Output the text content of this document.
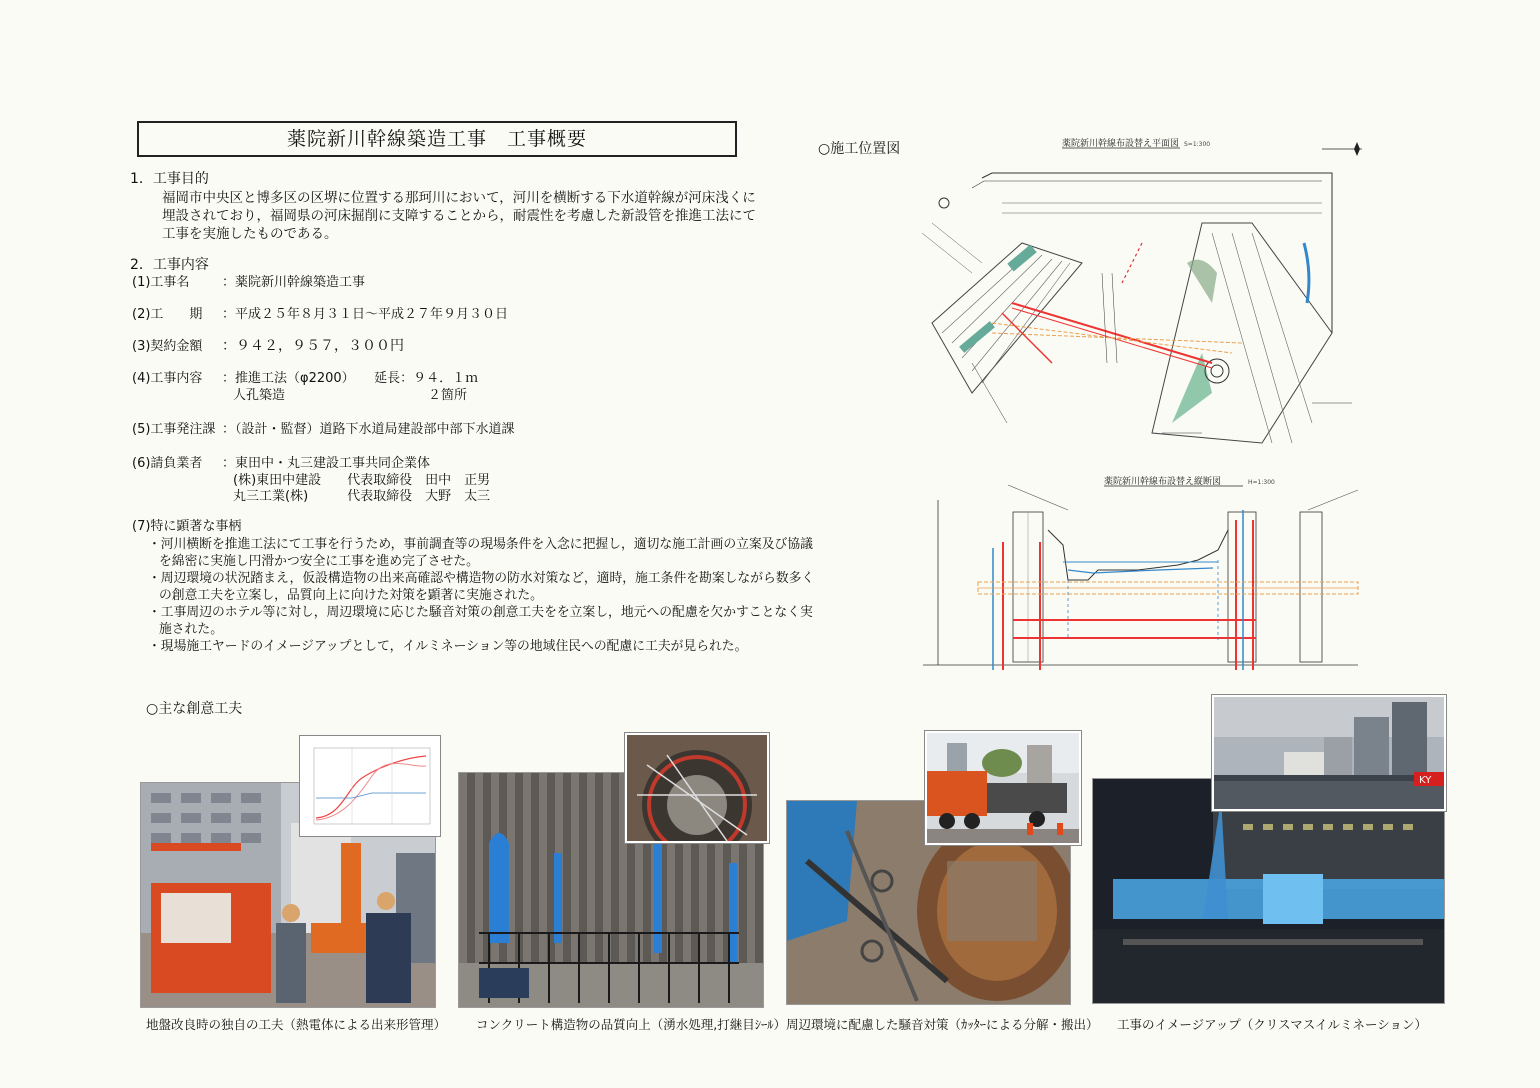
薬院新川幹線築造工事　工事概要
1．工事目的
福岡市中央区と博多区の区堺に位置する那珂川において，河川を横断する下水道幹線が河床浅くに
埋設されており，福岡県の河床掘削に支障することから，耐震性を考慮した新設管を推進工法にて
工事を実施したものである。
2．工事内容
(1)工事名	：薬院新川幹線築造工事
(2)工　　期 ：平成２５年８月３１日～平成２７年９月３０日
(3)契約金額 ：９４２，９５７，３００円
(4)工事内容 ：推進工法（φ2200）　　延長：９４．１ｍ
人孔築造　　　　　　　　　　　２箇所
(5)工事発注課 ：（設計・監督）道路下水道局建設部中部下水道課
(6)請負業者 ：東田中・丸三建設工事共同企業体
(株)東田中建設　　代表取締役　田中　正男
丸三工業(株)　　　代表取締役　大野　太三
(7)特に顕著な事柄
・河川横断を推進工法にて工事を行うため，事前調査等の現場条件を入念に把握し，適切な施工計画の立案及び協議
を綿密に実施し円滑かつ安全に工事を進め完了させた。
・周辺環境の状況踏まえ，仮設構造物の出来高確認や構造物の防水対策など，適時，施工条件を勘案しながら数多く
の創意工夫を立案し，品質向上に向けた対策を顕著に実施された。
・工事周辺のホテル等に対し，周辺環境に応じた騒音対策の創意工夫をを立案し，地元への配慮を欠かすことなく実
施された。
・現場施工ヤードのイメージアップとして，イルミネーション等の地域住民への配慮に工夫が見られた。
○施工位置図	薬院新川幹線布設替え平面図 S=1:300
薬院新川幹線布設替え縦断図	H=1:300
○主な創意工夫
KY
地盤改良時の独自の工夫（熱電体による出来形管理） コンクリート構造物の品質向上（湧水処理,打継目ｼｰﾙ） 周辺環境に配慮した騒音対策（ｶｯﾀｰによる分解・搬出） 工事のイメージアップ（クリスマスイルミネーション）
